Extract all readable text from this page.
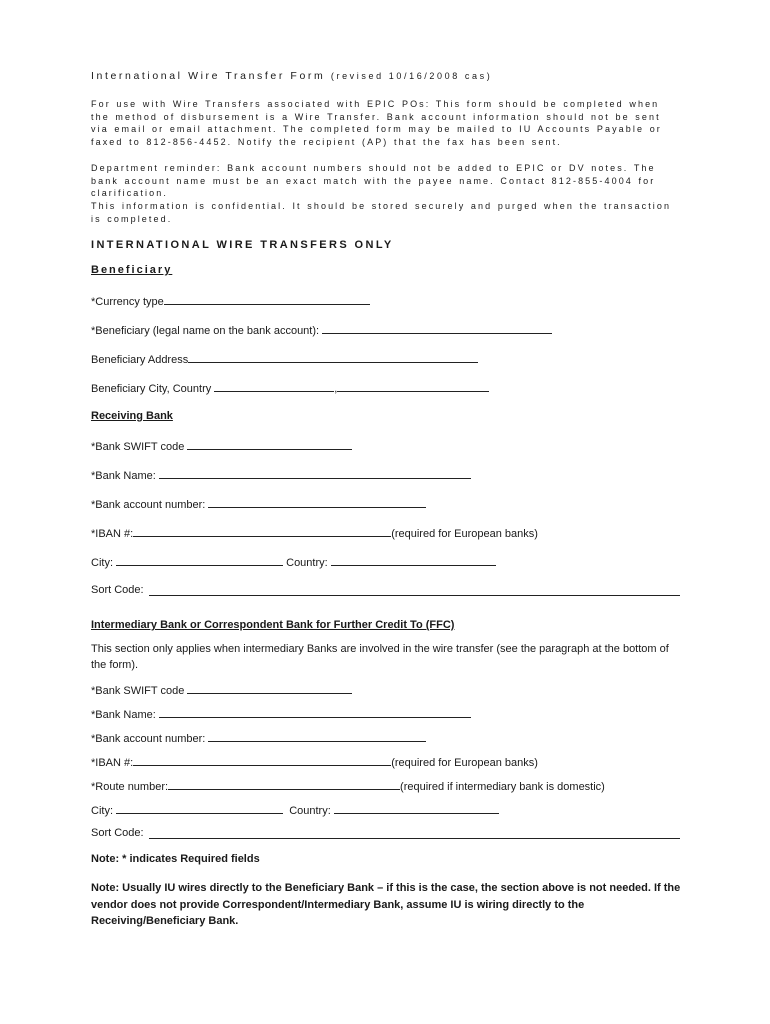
International Wire Transfer Form (revised 10/16/2008 cas)
For use with Wire Transfers associated with EPIC POs: This form should be completed when the method of disbursement is a Wire Transfer. Bank account information should not be sent via email or email attachment. The completed form may be mailed to IU Accounts Payable or faxed to 812-856-4452. Notify the recipient (AP) that the fax has been sent.
Department reminder: Bank account numbers should not be added to EPIC or DV notes. The bank account name must be an exact match with the payee name. Contact 812-855-4004 for clarification.
This information is confidential. It should be stored securely and purged when the transaction is completed.
INTERNATIONAL WIRE TRANSFERS ONLY
Beneficiary
*Currency type
*Beneficiary (legal name on the bank account):
Beneficiary Address
Beneficiary City, Country	,
Receiving Bank
*Bank SWIFT code
*Bank Name:
*Bank account number:
*IBAN #:	(required for European banks)
City:	Country:
Sort Code:
Intermediary Bank or Correspondent Bank for Further Credit To (FFC)
This section only applies when intermediary Banks are involved in the wire transfer (see the paragraph at the bottom of the form).
*Bank SWIFT code
*Bank Name:
*Bank account number:
*IBAN #:	(required for European banks)
*Route number:	(required if intermediary bank is domestic)
City:	Country:
Sort Code:
Note: * indicates Required fields
Note: Usually IU wires directly to the Beneficiary Bank – if this is the case, the section above is not needed. If the vendor does not provide Correspondent/Intermediary Bank, assume IU is wiring directly to the Receiving/Beneficiary Bank.
